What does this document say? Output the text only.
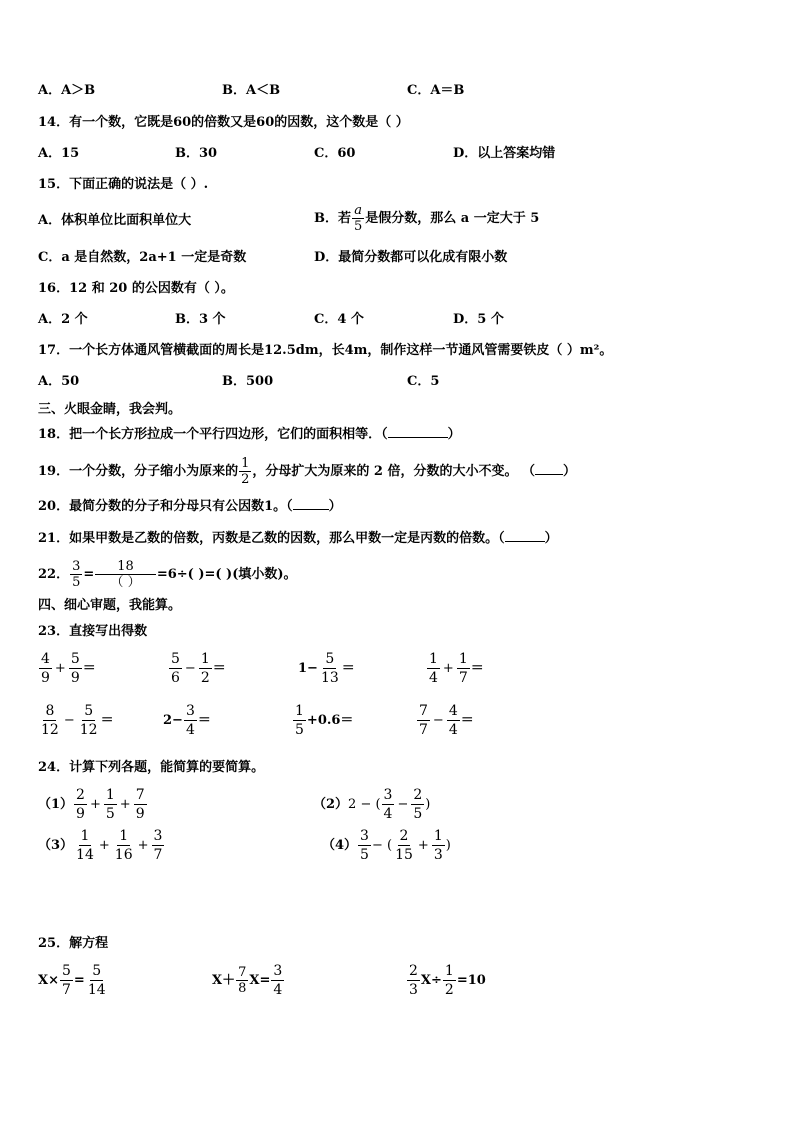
A．A＞B	B．A＜B	C．A＝B
14．有一个数，它既是60的倍数又是60的因数，这个数是（ ）
A．15	B．30	C．60	D．以上答案均错
15．下面正确的说法是（ ）.
A．体积单位比面积单位大	B．若 $\frac{a}{5}$ 是假分数，那么 a 一定大于 5
C．a 是自然数，2a+1 一定是奇数	D．最简分数都可以化成有限小数
16．12 和 20 的公因数有（ ）。
A．2 个	B．3 个	C．4 个	D．5 个
17．一个长方体通风管横截面的周长是12.5dm，长4m，制作这样一节通风管需要铁皮（ ）m²。
A．50	B．500	C．5
三、火眼金睛，我会判。
18．把一个长方形拉成一个平行四边形，它们的面积相等．（	）
19．一个分数，分子缩小为原来的 $\frac{1}{2}$ ，分母扩大为原来的 2 倍，分数的大小不变。 （ ）
20．最简分数的分子和分母只有公因数1。（	）
21．如果甲数是乙数的倍数，丙数是乙数的因数，那么甲数一定是丙数的倍数。（	）
22． $\frac{3}{5} = \frac{18}{( )} =6\div$( )=( )(填小数)。
四、细心审题，我能算。
23．直接写出得数
$\frac{4}{9} + \frac{5}{9}$ ＝	$\frac{5}{6} - \frac{1}{2}$ ＝	$1- \frac{5}{13}$ ＝	$\frac{1}{4} + \frac{1}{7}$ ＝
$\frac{8}{12} - \frac{5}{12}$ ＝	$2- \frac{3}{4}$ ＝	$\frac{1}{5} +0.6=$	$\frac{7}{7} - \frac{4}{4}$ ＝
24．计算下列各题，能简算的要简算。
$(1) \frac{2}{9} + \frac{1}{5} + \frac{7}{9}$	（2）2 − ( $\frac{3}{4} - \frac{2}{5}$ )
$(3) \frac{1}{14} + \frac{1}{16} + \frac{3}{7}$	$(4) \frac{3}{5}$ − ( $\frac{2}{15} + \frac{1}{3}$ )
25．解方程
$X\times \frac{5}{7} = \frac{5}{14}$	$X+ \frac{7}{8} X= \frac{3}{4}$	$\frac{2}{3} X\div \frac{1}{2} =10$
